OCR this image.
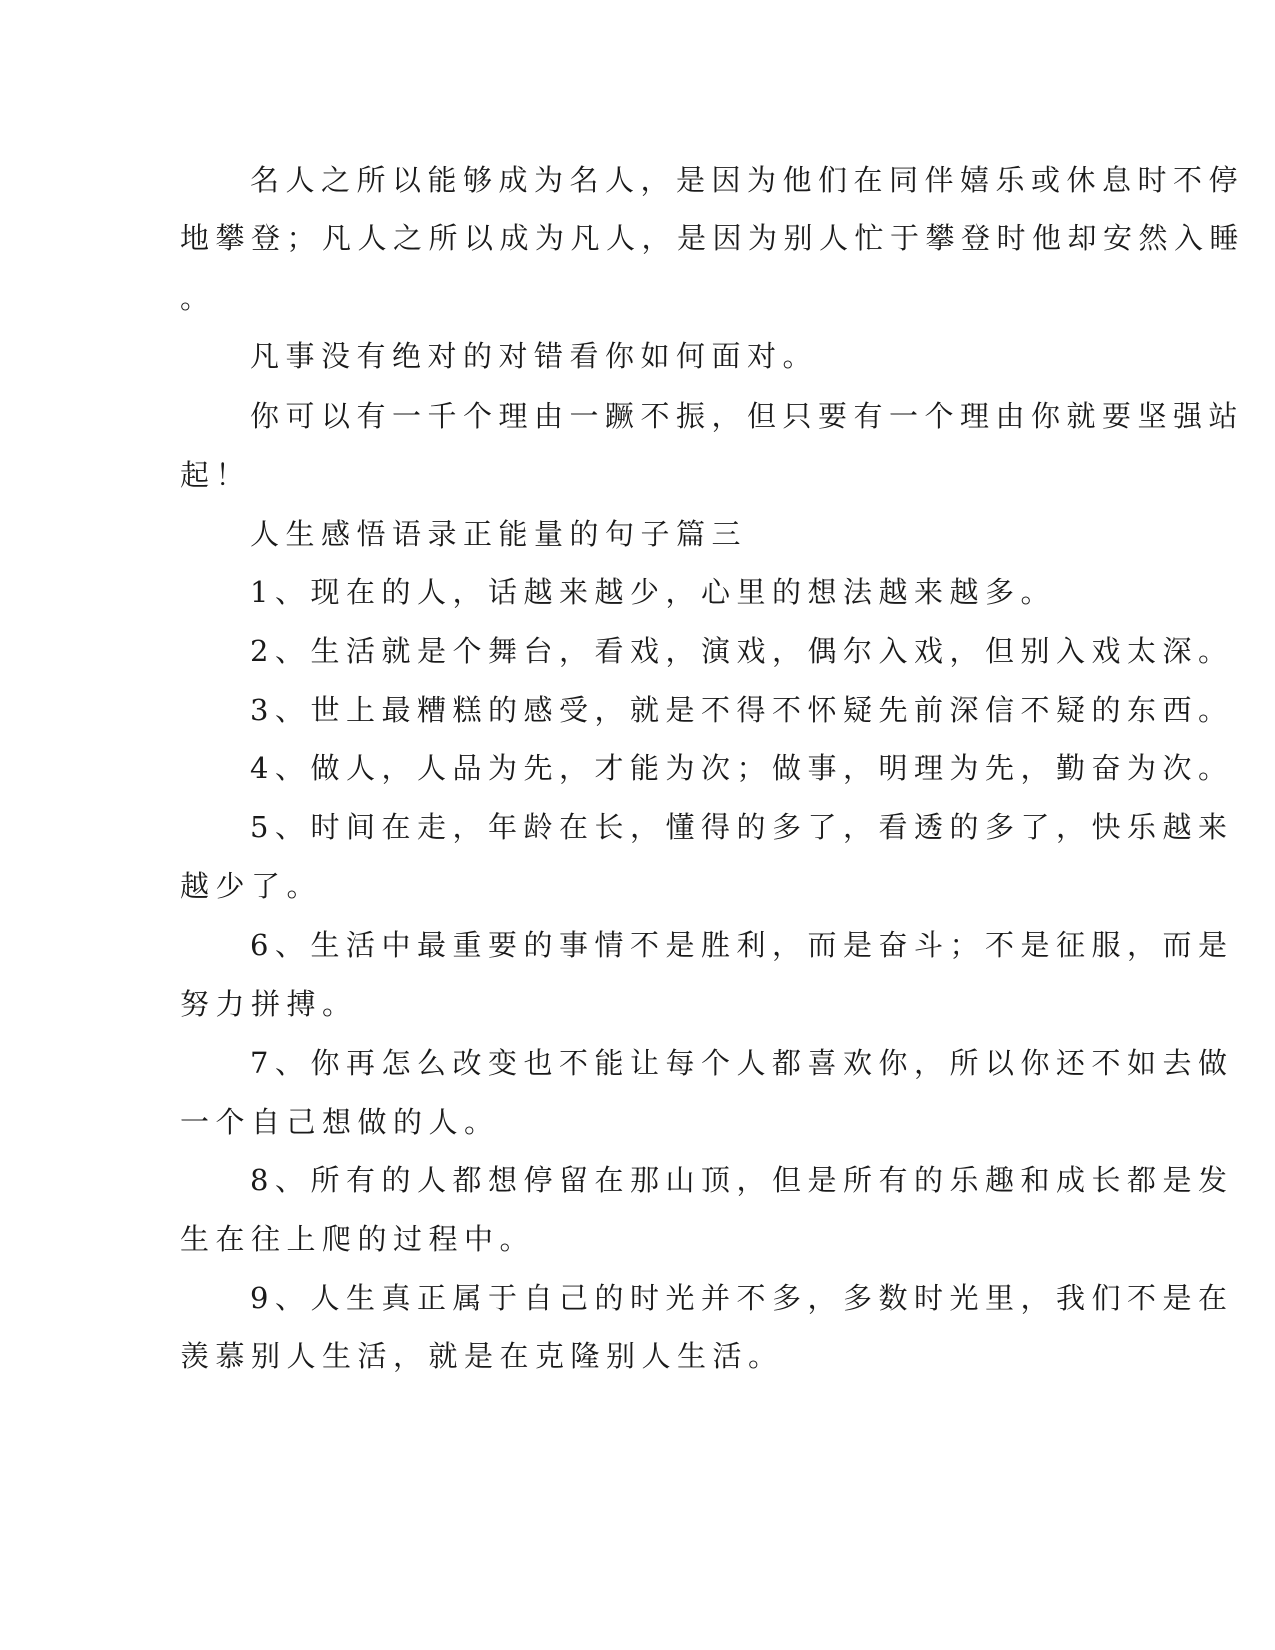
名人之所以能够成为名人，是因为他们在同伴嬉乐或休息时不停

地攀登；凡人之所以成为凡人，是因为别人忙于攀登时他却安然入睡

。

凡事没有绝对的对错看你如何面对。

你可以有一千个理由一蹶不振，但只要有一个理由你就要坚强站

起！

人生感悟语录正能量的句子篇三

1、现在的人，话越来越少，心里的想法越来越多。

2、生活就是个舞台，看戏，演戏，偶尔入戏，但别入戏太深。

3、世上最糟糕的感受，就是不得不怀疑先前深信不疑的东西。

4、做人，人品为先，才能为次；做事，明理为先，勤奋为次。

5、时间在走，年龄在长，懂得的多了，看透的多了，快乐越来

越少了。

6、生活中最重要的事情不是胜利，而是奋斗；不是征服，而是

努力拼搏。

7、你再怎么改变也不能让每个人都喜欢你，所以你还不如去做

一个自己想做的人。

8、所有的人都想停留在那山顶，但是所有的乐趣和成长都是发

生在往上爬的过程中。

9、人生真正属于自己的时光并不多，多数时光里，我们不是在

羡慕别人生活，就是在克隆别人生活。
